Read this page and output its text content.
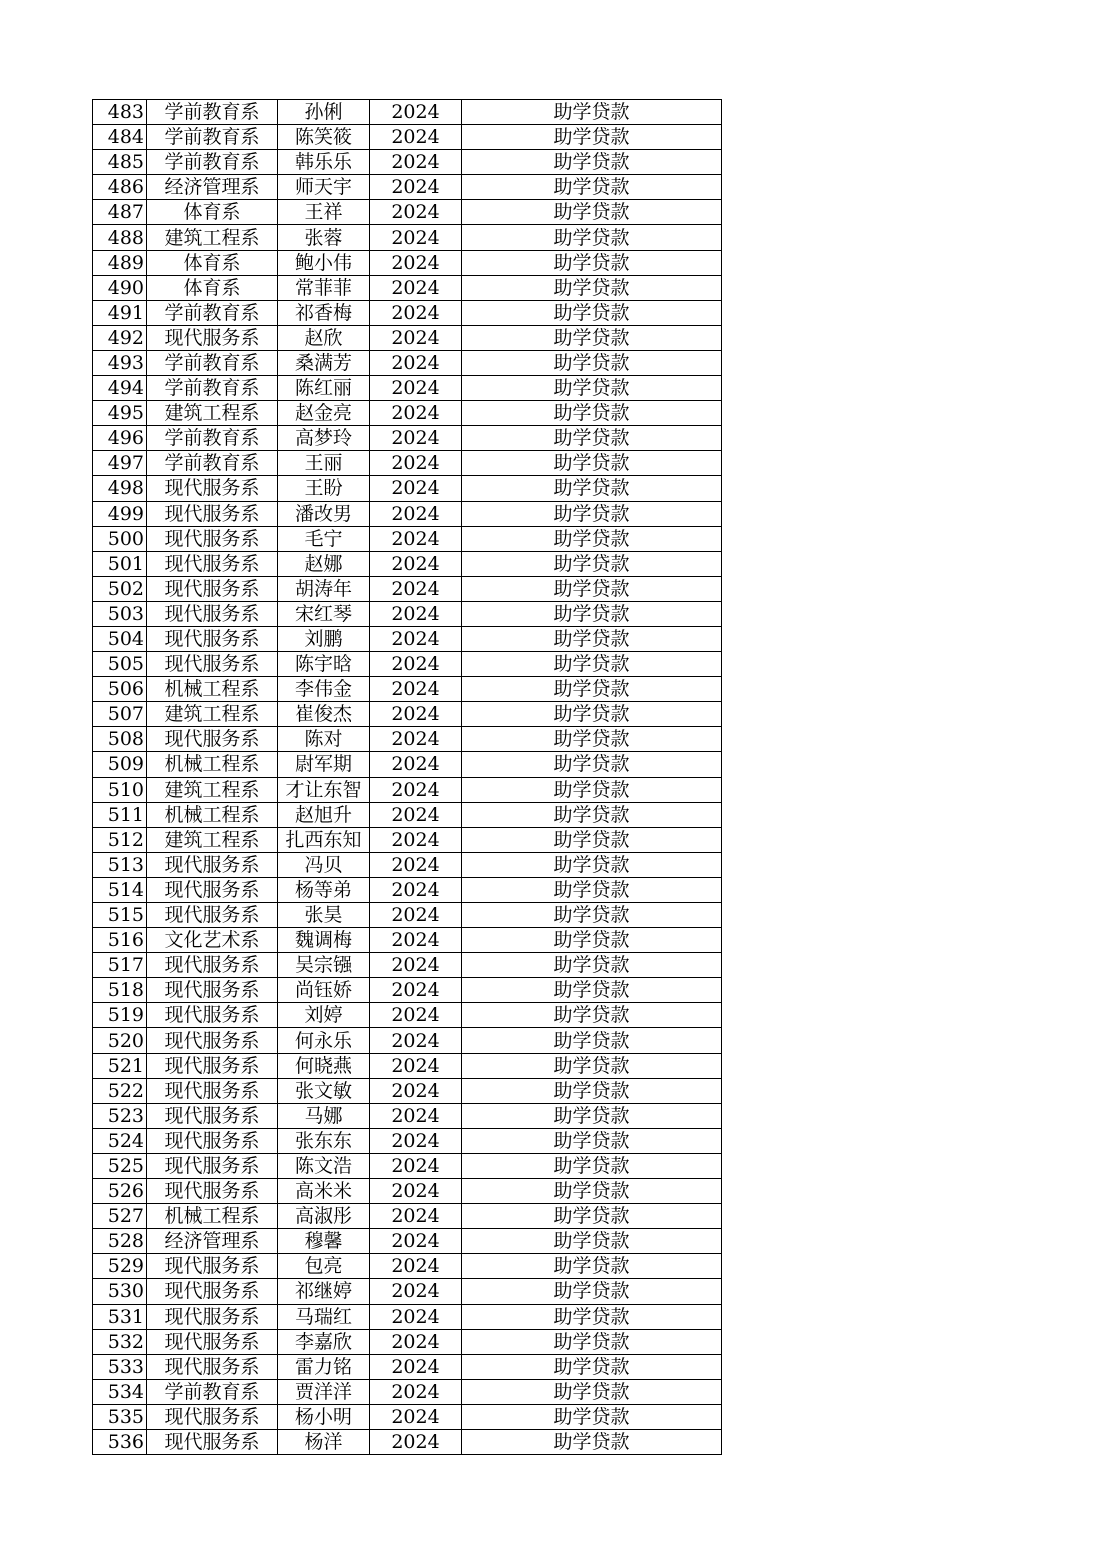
483	学前教育系	孙俐	2024	助学贷款
484	学前教育系	陈笑筱	2024	助学贷款
485	学前教育系	韩乐乐	2024	助学贷款
486	经济管理系	师天宇	2024	助学贷款
487	体育系	王祥	2024	助学贷款
488	建筑工程系	张蓉	2024	助学贷款
489	体育系	鲍小伟	2024	助学贷款
490	体育系	常菲菲	2024	助学贷款
491	学前教育系	祁香梅	2024	助学贷款
492	现代服务系	赵欣	2024	助学贷款
493	学前教育系	桑满芳	2024	助学贷款
494	学前教育系	陈红丽	2024	助学贷款
495	建筑工程系	赵金亮	2024	助学贷款
496	学前教育系	高梦玲	2024	助学贷款
497	学前教育系	王丽	2024	助学贷款
498	现代服务系	王盼	2024	助学贷款
499	现代服务系	潘改男	2024	助学贷款
500	现代服务系	毛宁	2024	助学贷款
501	现代服务系	赵娜	2024	助学贷款
502	现代服务系	胡涛年	2024	助学贷款
503	现代服务系	宋红琴	2024	助学贷款
504	现代服务系	刘鹏	2024	助学贷款
505	现代服务系	陈宇晗	2024	助学贷款
506	机械工程系	李伟金	2024	助学贷款
507	建筑工程系	崔俊杰	2024	助学贷款
508	现代服务系	陈对	2024	助学贷款
509	机械工程系	尉军期	2024	助学贷款
510	建筑工程系	才让东智	2024	助学贷款
511	机械工程系	赵旭升	2024	助学贷款
512	建筑工程系	扎西东知	2024	助学贷款
513	现代服务系	冯贝	2024	助学贷款
514	现代服务系	杨等弟	2024	助学贷款
515	现代服务系	张昊	2024	助学贷款
516	文化艺术系	魏调梅	2024	助学贷款
517	现代服务系	吴宗镪	2024	助学贷款
518	现代服务系	尚钰娇	2024	助学贷款
519	现代服务系	刘婷	2024	助学贷款
520	现代服务系	何永乐	2024	助学贷款
521	现代服务系	何晓燕	2024	助学贷款
522	现代服务系	张文敏	2024	助学贷款
523	现代服务系	马娜	2024	助学贷款
524	现代服务系	张东东	2024	助学贷款
525	现代服务系	陈文浩	2024	助学贷款
526	现代服务系	高米米	2024	助学贷款
527	机械工程系	高淑彤	2024	助学贷款
528	经济管理系	穆馨	2024	助学贷款
529	现代服务系	包亮	2024	助学贷款
530	现代服务系	祁继婷	2024	助学贷款
531	现代服务系	马瑞红	2024	助学贷款
532	现代服务系	李嘉欣	2024	助学贷款
533	现代服务系	雷力铭	2024	助学贷款
534	学前教育系	贾洋洋	2024	助学贷款
535	现代服务系	杨小明	2024	助学贷款
536	现代服务系	杨洋	2024	助学贷款
